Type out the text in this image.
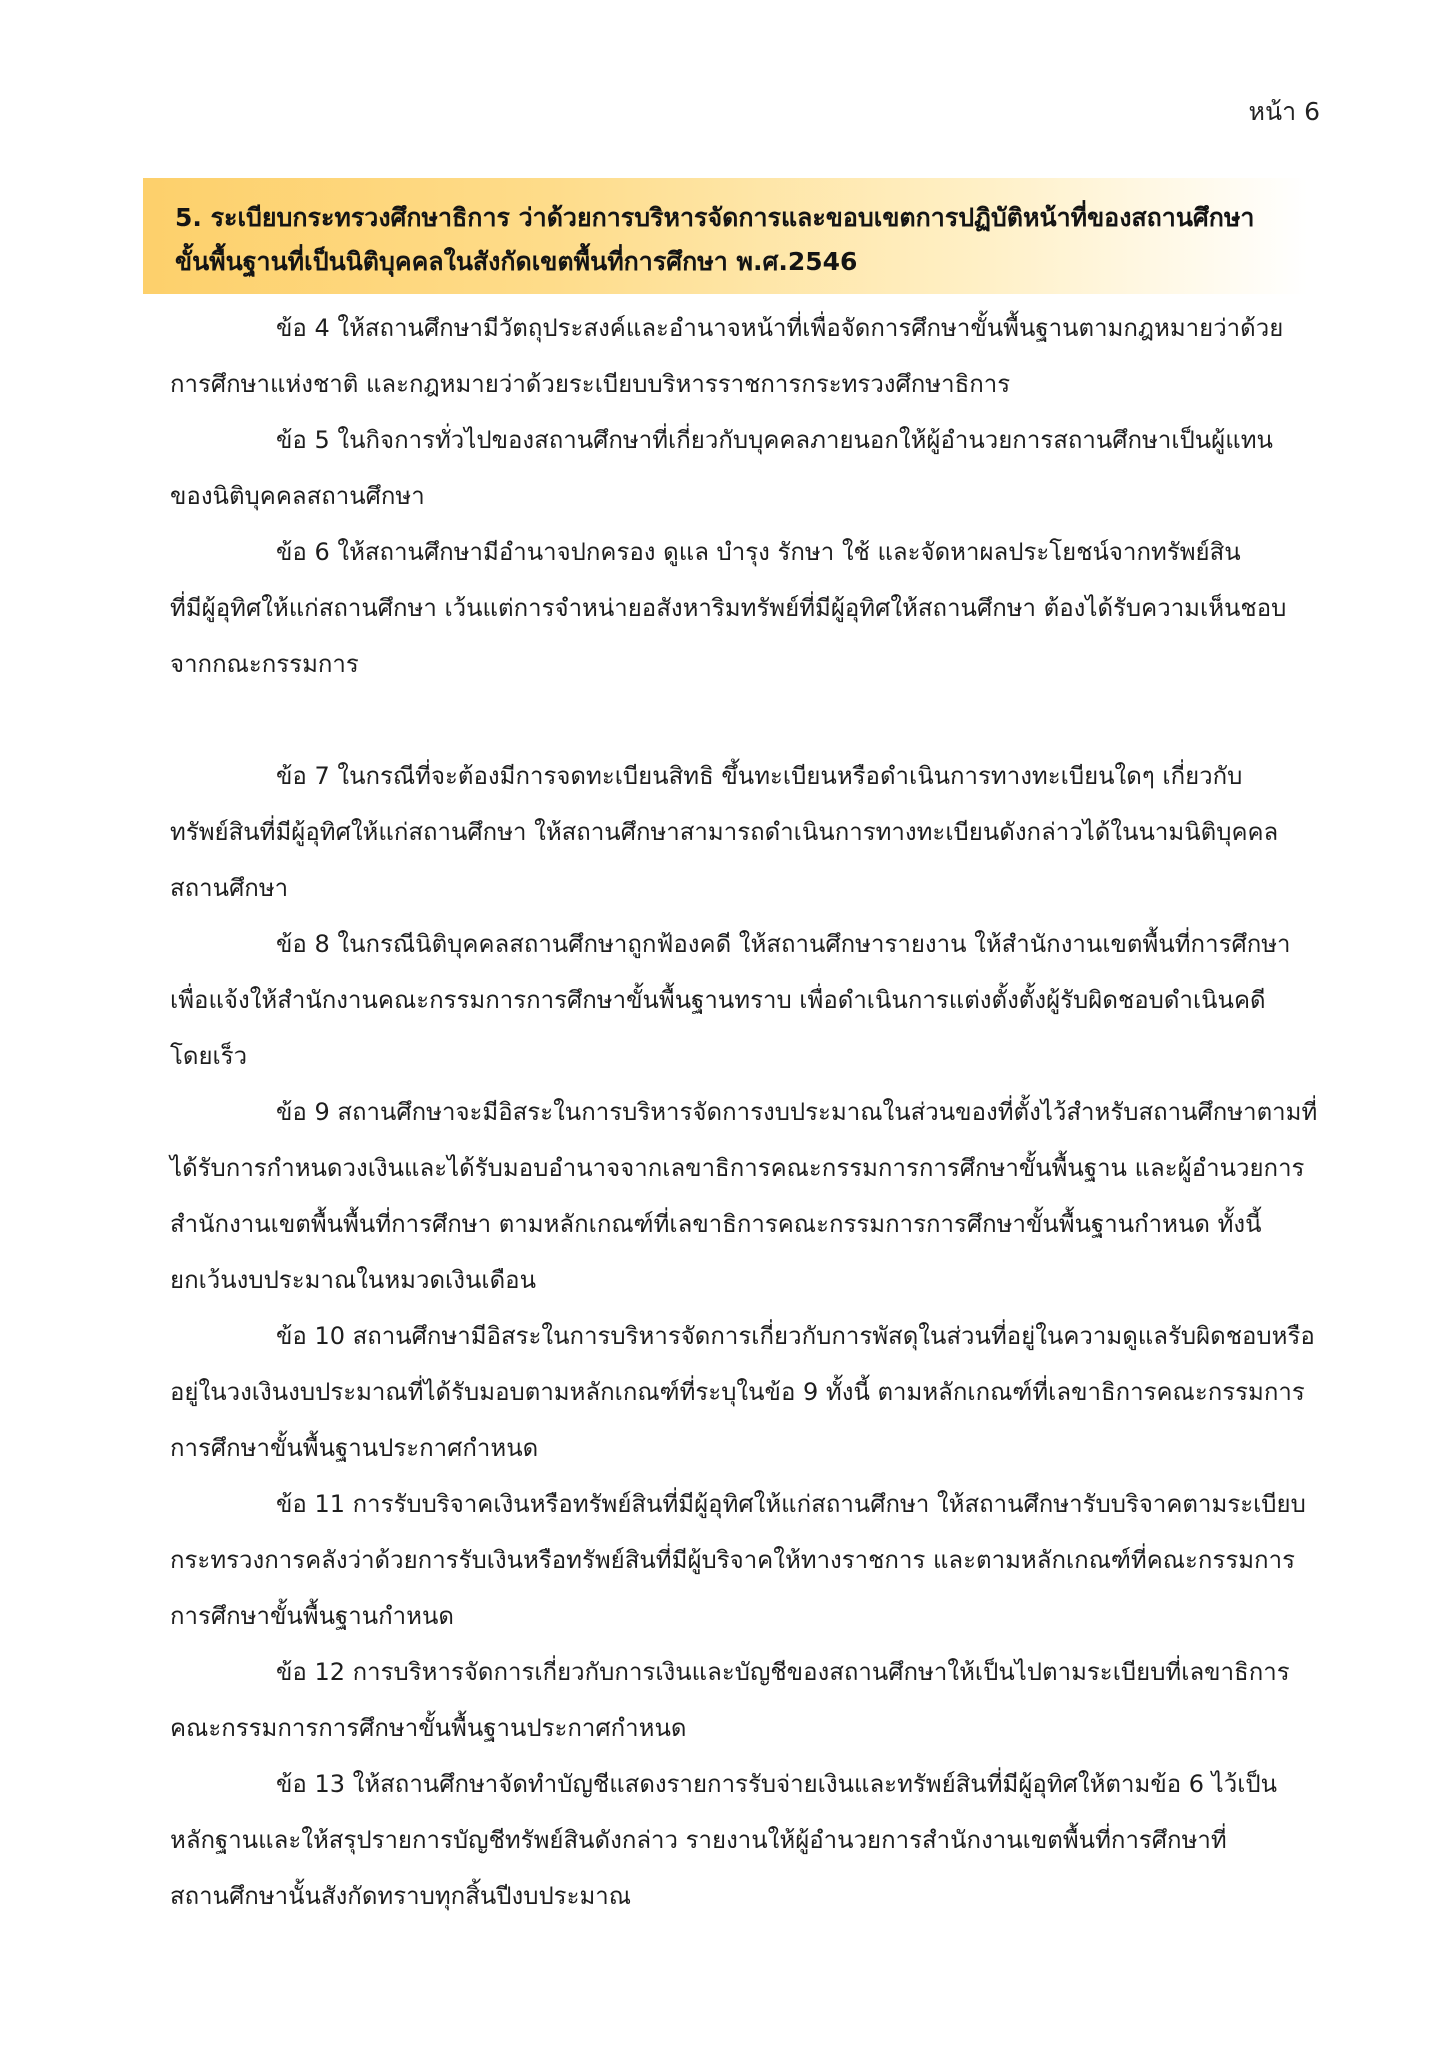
หน้า 6
5. ระเบียบกระทรวงศึกษาธิการ ว่าด้วยการบริหารจัดการและขอบเขตการปฏิบัติหน้าที่ของสถานศึกษา
ขั้นพื้นฐานที่เป็นนิติบุคคลในสังกัดเขตพื้นที่การศึกษา พ.ศ.2546
ข้อ 4 ให้สถานศึกษามีวัตถุประสงค์และอำนาจหน้าที่เพื่อจัดการศึกษาขั้นพื้นฐานตามกฎหมายว่าด้วย
การศึกษาแห่งชาติ และกฎหมายว่าด้วยระเบียบบริหารราชการกระทรวงศึกษาธิการ
ข้อ 5 ในกิจการทั่วไปของสถานศึกษาที่เกี่ยวกับบุคคลภายนอกให้ผู้อำนวยการสถานศึกษาเป็นผู้แทน
ของนิติบุคคลสถานศึกษา
ข้อ 6 ให้สถานศึกษามีอำนาจปกครอง ดูแล บำรุง รักษา ใช้ และจัดหาผลประโยชน์จากทรัพย์สิน
ที่มีผู้อุทิศให้แก่สถานศึกษา เว้นแต่การจำหน่ายอสังหาริมทรัพย์ที่มีผู้อุทิศให้สถานศึกษา ต้องได้รับความเห็นชอบ
จากกณะกรรมการ
ข้อ 7 ในกรณีที่จะต้องมีการจดทะเบียนสิทธิ ขึ้นทะเบียนหรือดำเนินการทางทะเบียนใดๆ เกี่ยวกับ
ทรัพย์สินที่มีผู้อุทิศให้แก่สถานศึกษา ให้สถานศึกษาสามารถดำเนินการทางทะเบียนดังกล่าวได้ในนามนิติบุคคล
สถานศึกษา
ข้อ 8 ในกรณีนิติบุคคลสถานศึกษาถูกฟ้องคดี ให้สถานศึกษารายงาน ให้สำนักงานเขตพื้นที่การศึกษา
เพื่อแจ้งให้สำนักงานคณะกรรมการการศึกษาขั้นพื้นฐานทราบ เพื่อดำเนินการแต่งตั้งตั้งผู้รับผิดชอบดำเนินคดี
โดยเร็ว
ข้อ 9 สถานศึกษาจะมีอิสระในการบริหารจัดการงบประมาณในส่วนของที่ตั้งไว้สำหรับสถานศึกษาตามที่
ได้รับการกำหนดวงเงินและได้รับมอบอำนาจจากเลขาธิการคณะกรรมการการศึกษาขั้นพื้นฐาน และผู้อำนวยการ
สำนักงานเขตพื้นพื้นที่การศึกษา ตามหลักเกณฑ์ที่เลขาธิการคณะกรรมการการศึกษาขั้นพื้นฐานกำหนด ทั้งนี้
ยกเว้นงบประมาณในหมวดเงินเดือน
ข้อ 10 สถานศึกษามีอิสระในการบริหารจัดการเกี่ยวกับการพัสดุในส่วนที่อยู่ในความดูแลรับผิดชอบหรือ
อยู่ในวงเงินงบประมาณที่ได้รับมอบตามหลักเกณฑ์ที่ระบุในข้อ 9 ทั้งนี้ ตามหลักเกณฑ์ที่เลขาธิการคณะกรรมการ
การศึกษาขั้นพื้นฐานประกาศกำหนด
ข้อ 11 การรับบริจาคเงินหรือทรัพย์สินที่มีผู้อุทิศให้แก่สถานศึกษา ให้สถานศึกษารับบริจาคตามระเบียบ
กระทรวงการคลังว่าด้วยการรับเงินหรือทรัพย์สินที่มีผู้บริจาคให้ทางราชการ และตามหลักเกณฑ์ที่คณะกรรมการ
การศึกษาขั้นพื้นฐานกำหนด
ข้อ 12 การบริหารจัดการเกี่ยวกับการเงินและบัญชีของสถานศึกษาให้เป็นไปตามระเบียบที่เลขาธิการ
คณะกรรมการการศึกษาขั้นพื้นฐานประกาศกำหนด
ข้อ 13 ให้สถานศึกษาจัดทำบัญชีแสดงรายการรับจ่ายเงินและทรัพย์สินที่มีผู้อุทิศให้ตามข้อ 6 ไว้เป็น
หลักฐานและให้สรุปรายการบัญชีทรัพย์สินดังกล่าว รายงานให้ผู้อำนวยการสำนักงานเขตพื้นที่การศึกษาที่
สถานศึกษานั้นสังกัดทราบทุกสิ้นปีงบประมาณ
